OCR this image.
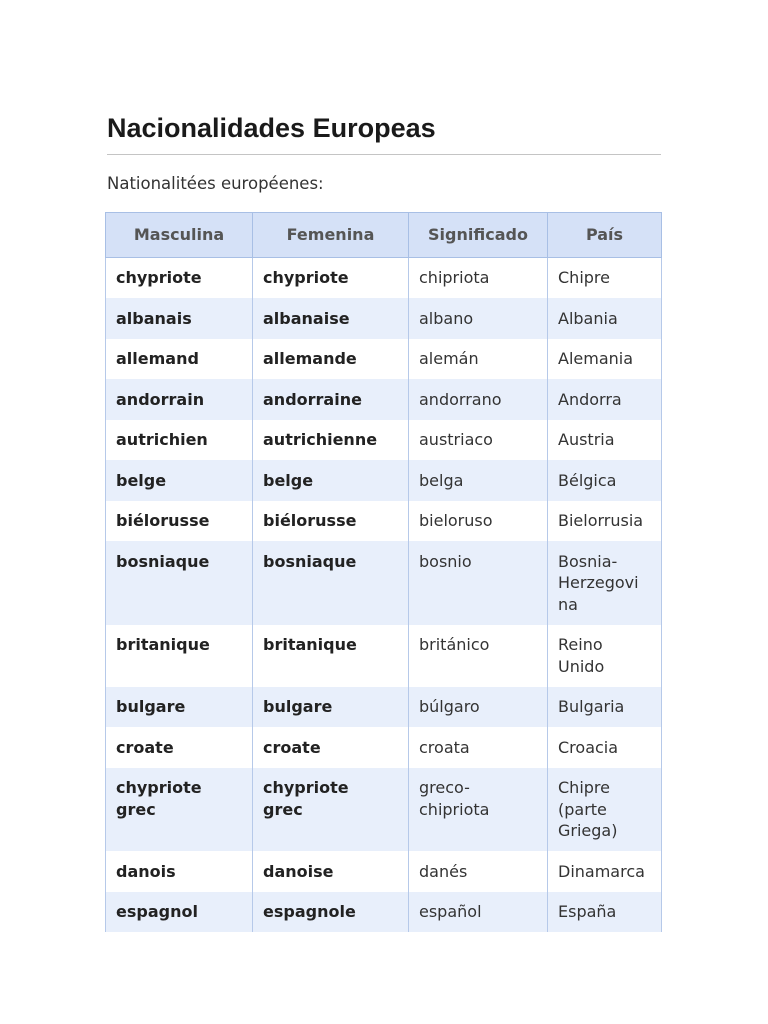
Nacionalidades Europeas

Nationalitées européenes:

Masculina	Femenina	Significado	País

chypriote	chypriote	chipriota	Chipre

albanais	albanaise	albano	Albania

allemand	allemande	alemán	Alemania

andorrain	andorraine	andorrano	Andorra

autrichien	autrichienne	austriaco	Austria

belge	belge	belga	Bélgica

biélorusse	biélorusse	bieloruso	Bielorrusia

bosniaque	bosniaque	bosnio	Bosnia-Herzegovina

britanique	britanique	británico	Reino Unido

bulgare	bulgare	búlgaro	Bulgaria

croate	croate	croata	Croacia

chypriote grec	chypriote grec	greco-chipriota	Chipre (parte Griega)

danois	danoise	danés	Dinamarca

espagnol	espagnole	español	España
